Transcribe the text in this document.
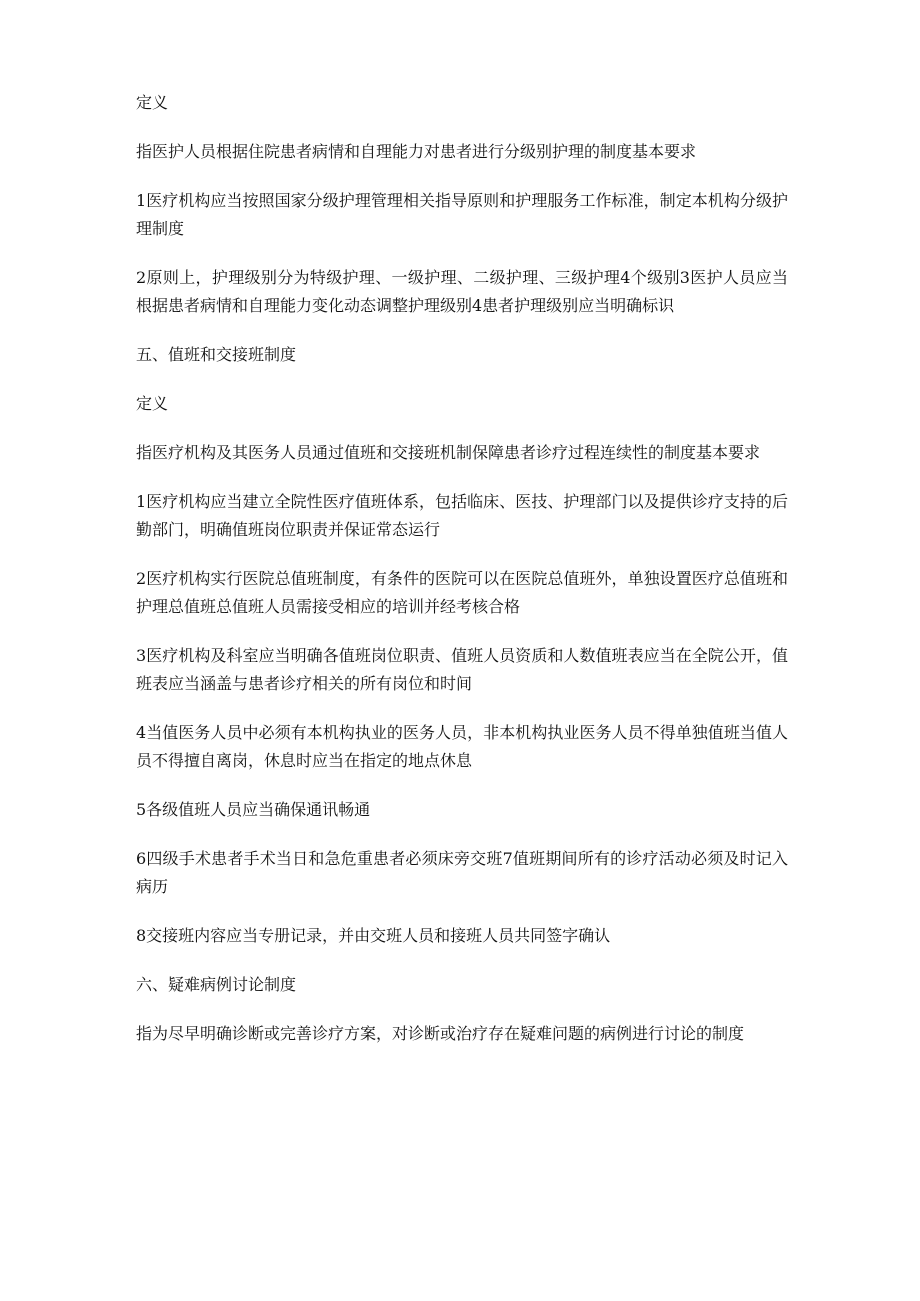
定义

指医护人员根据住院患者病情和自理能力对患者进行分级别护理的制度基本要求

1医疗机构应当按照国家分级护理管理相关指导原则和护理服务工作标准，制定本机构分级护理制度

2原则上，护理级别分为特级护理、一级护理、二级护理、三级护理4个级别3医护人员应当根据患者病情和自理能力变化动态调整护理级别4患者护理级别应当明确标识

五、值班和交接班制度

定义

指医疗机构及其医务人员通过值班和交接班机制保障患者诊疗过程连续性的制度基本要求

1医疗机构应当建立全院性医疗值班体系，包括临床、医技、护理部门以及提供诊疗支持的后勤部门，明确值班岗位职责并保证常态运行

2医疗机构实行医院总值班制度，有条件的医院可以在医院总值班外，单独设置医疗总值班和护理总值班总值班人员需接受相应的培训并经考核合格

3医疗机构及科室应当明确各值班岗位职责、值班人员资质和人数值班表应当在全院公开，值班表应当涵盖与患者诊疗相关的所有岗位和时间

4当值医务人员中必须有本机构执业的医务人员，非本机构执业医务人员不得单独值班当值人员不得擅自离岗，休息时应当在指定的地点休息

5各级值班人员应当确保通讯畅通

6四级手术患者手术当日和急危重患者必须床旁交班7值班期间所有的诊疗活动必须及时记入病历

8交接班内容应当专册记录，并由交班人员和接班人员共同签字确认

六、疑难病例讨论制度

指为尽早明确诊断或完善诊疗方案，对诊断或治疗存在疑难问题的病例进行讨论的制度
